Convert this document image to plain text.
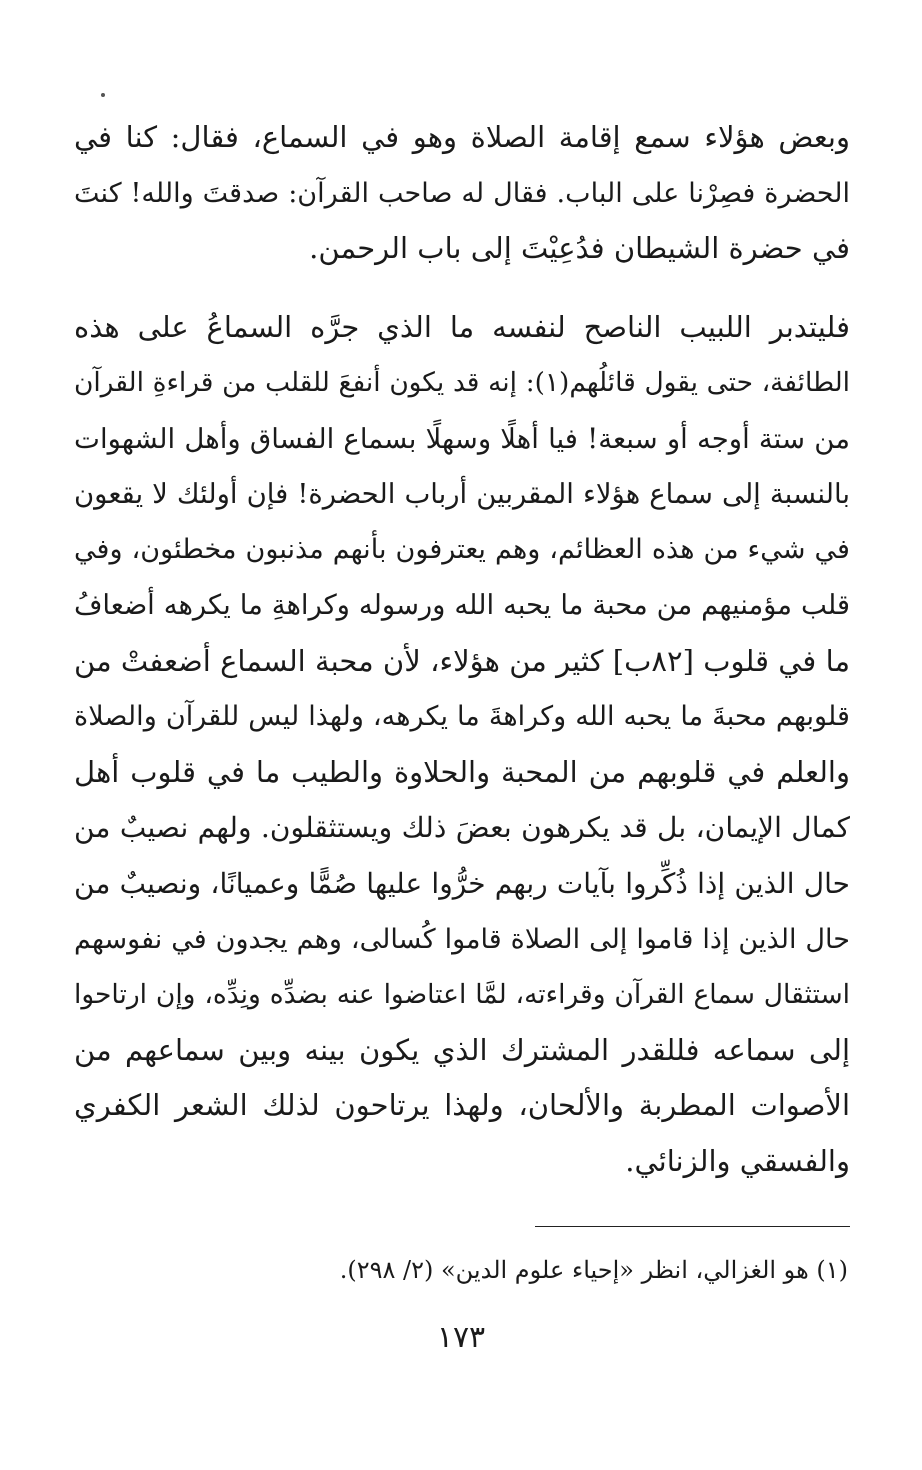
وبعض هؤلاء سمع إقامة الصلاة وهو في السماع، فقال: كنا في
الحضرة فصِرْنا على الباب. فقال له صاحب القرآن: صدقتَ والله! كنتَ
في حضرة الشيطان فدُعِيْتَ إلى باب الرحمن.
فليتدبر اللبيب الناصح لنفسه ما الذي جرَّه السماعُ على هذه
الطائفة، حتى يقول قائلُهم(١): إنه قد يكون أنفعَ للقلب من قراءةِ القرآن
من ستة أوجه أو سبعة! فيا أهلًا وسهلًا بسماع الفساق وأهل الشهوات
بالنسبة إلى سماع هؤلاء المقربين أرباب الحضرة! فإن أولئك لا يقعون
في شيء من هذه العظائم، وهم يعترفون بأنهم مذنبون مخطئون، وفي
قلب مؤمنيهم من محبة ما يحبه الله ورسوله وكراهةِ ما يكرهه أضعافُ
ما في قلوب [٨٢ب] كثير من هؤلاء، لأن محبة السماع أضعفتْ من
قلوبهم محبةَ ما يحبه الله وكراهةَ ما يكرهه، ولهذا ليس للقرآن والصلاة
والعلم في قلوبهم من المحبة والحلاوة والطيب ما في قلوب أهل
كمال الإيمان، بل قد يكرهون بعضَ ذلك ويستثقلون. ولهم نصيبٌ من
حال الذين إذا ذُكِّروا بآيات ربهم خرُّوا عليها صُمًّا وعميانًا، ونصيبٌ من
حال الذين إذا قاموا إلى الصلاة قاموا كُسالى، وهم يجدون في نفوسهم
استثقال سماع القرآن وقراءته، لمَّا اعتاضوا عنه بضدِّه ونِدِّه، وإن ارتاحوا
إلى سماعه فللقدر المشترك الذي يكون بينه وبين سماعهم من
الأصوات المطربة والألحان، ولهذا يرتاحون لذلك الشعر الكفري
والفسقي والزنائي.
(١) هو الغزالي، انظر «إحياء علوم الدين» (٢/ ٢٩٨).
١٧٣
